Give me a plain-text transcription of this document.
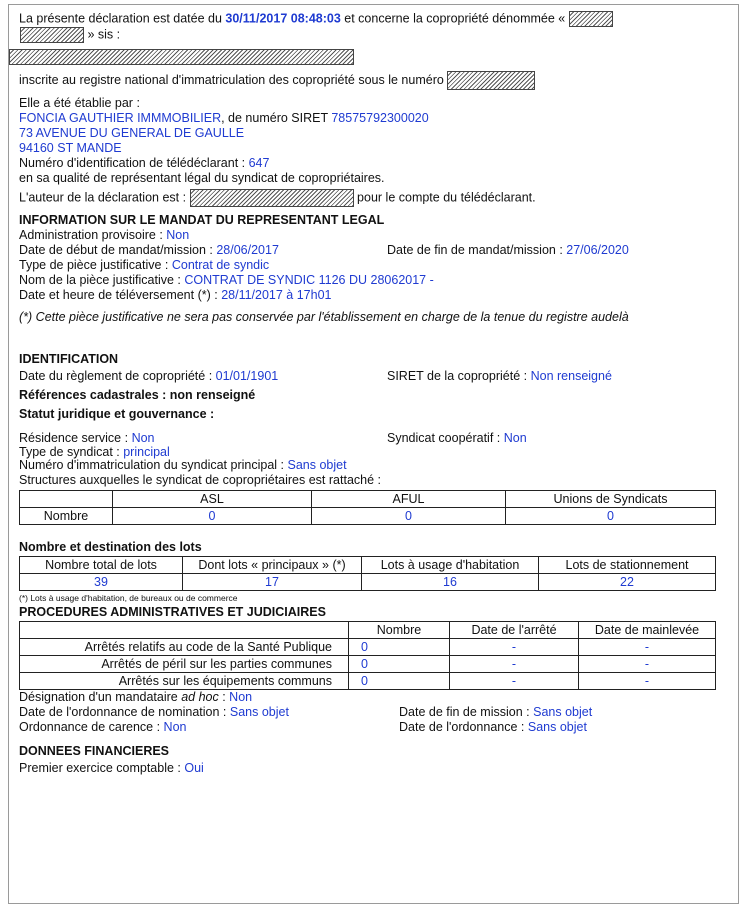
La présente déclaration est datée du 30/11/2017 08:48:03 et concerne la copropriété dénommée «
» sis :
inscrite au registre national d'immatriculation des copropriété sous le numéro
Elle a été établie par :
FONCIA GAUTHIER IMMMOBILIER, de numéro SIRET 78575792300020
73 AVENUE DU GENERAL DE GAULLE
94160 ST MANDE
Numéro d'identification de télédéclarant : 647
en sa qualité de représentant légal du syndicat de copropriétaires.
L'auteur de la déclaration est :	pour le compte du télédéclarant.
INFORMATION SUR LE MANDAT DU REPRESENTANT LEGAL
Administration provisoire : Non
Date de début de mandat/mission : 28/06/2017	Date de fin de mandat/mission : 27/06/2020
Type de pièce justificative : Contrat de syndic
Nom de la pièce justificative : CONTRAT DE SYNDIC 1126 DU 28062017 -
Date et heure de téléversement (*) : 28/11/2017 à 17h01
(*) Cette pièce justificative ne sera pas conservée par l'établissement en charge de la tenue du registre audelà
IDENTIFICATION
Date du règlement de copropriété : 01/01/1901	SIRET de la copropriété : Non renseigné
Références cadastrales : non renseigné
Statut juridique et gouvernance :
Résidence service : Non	Syndicat coopératif : Non
Type de syndicat : principal
Numéro d'immatriculation du syndicat principal : Sans objet
Structures auxquelles le syndicat de copropriétaires est rattaché :
	ASL	AFUL	Unions de Syndicats
Nombre	0	0	0
Nombre et destination des lots
Nombre total de lots	Dont lots « principaux » (*)	Lots à usage d'habitation	Lots de stationnement
39	17	16	22
(*) Lots à usage d'habitation, de bureaux ou de commerce
PROCEDURES ADMINISTRATIVES ET JUDICIAIRES
	Nombre	Date de l'arrêté	Date de mainlevée
Arrêtés relatifs au code de la Santé Publique	0	-	-
Arrêtés de péril sur les parties communes	0	-	-
Arrêtés sur les équipements communs	0	-	-
Désignation d'un mandataire ad hoc : Non
Date de l'ordonnance de nomination : Sans objet	Date de fin de mission : Sans objet
Ordonnance de carence : Non	Date de l'ordonnance : Sans objet
DONNEES FINANCIERES
Premier exercice comptable : Oui
